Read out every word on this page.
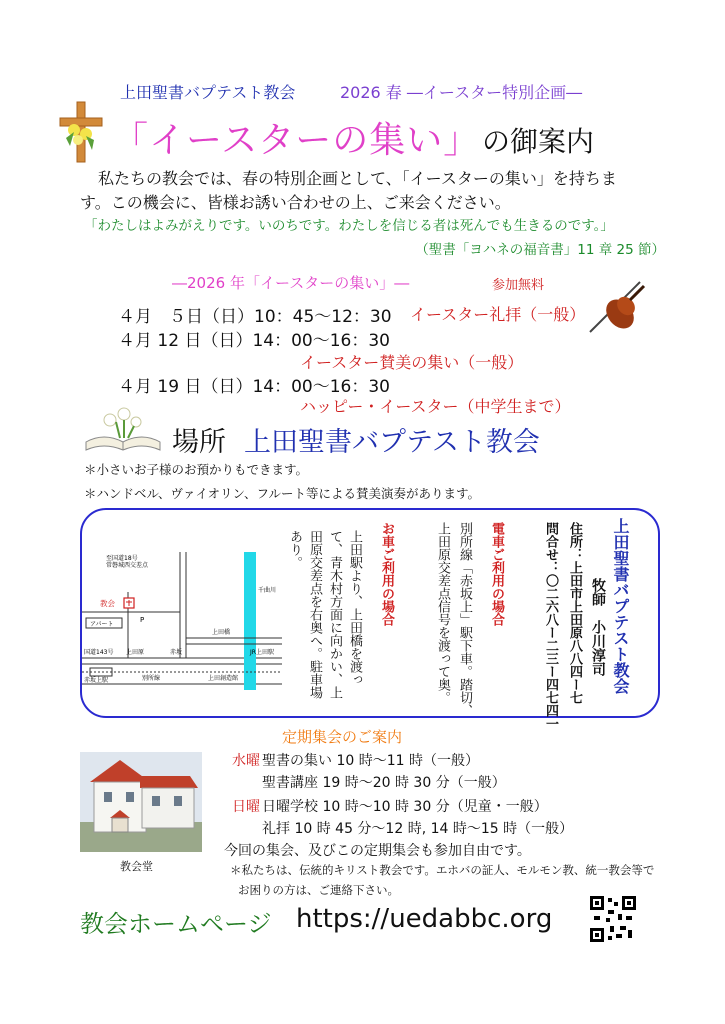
上田聖書バプテスト教会	2026 春 ―イースター特別企画―
「イースターの集い」 の御案内
私たちの教会では、春の特別企画として、「イースターの集い」を持ちま
す。この機会に、皆様お誘い合わせの上、ご来会ください。
「わたしはよみがえりです。いのちです。わたしを信じる者は死んでも生きるのです。」
（聖書「ヨハネの福音書」11 章 25 節）
―2026 年「イースターの集い」―	参加無料
４月　５日（日）10：45～12：30 イースター礼拝（一般）
４月 12 日（日）14：00～16：30
イースター賛美の集い（一般）
４月 19 日（日）14：00～16：30
ハッピー・イースター（中学生まで）
場所 上田聖書バプテスト教会
＊小さいお子様のお預かりもできます。
＊ハンドベル、ヴァイオリン、フルート等による賛美演奏があります。
上田聖書バプテスト教会
牧師　小川淳司
住所：上田市上田原八八四ー七
問合せ：〇二六八ー二三ー四七四一
電車ご利用の場合
別所線「赤坂上」駅下車。踏切、
上田原交差点信号を渡って奥。
お車ご利用の場合
上田駅より、上田橋を渡っ
て、青木村方面に向かい、上
田原交差点を右奥へ。駐車場
あり。
至国道18号
常磐城西交差点
教会
アパート
P
国道143号 上田原	赤坂
赤坂上駅	別所線
上田橋
JR上田駅
千曲川
上田創造館
定期集会のご案内
教会堂
水曜 聖書の集い 10 時～11 時（一般）
聖書講座 19 時～20 時 30 分（一般）
日曜 日曜学校 10 時～10 時 30 分（児童・一般）
礼拝 10 時 45 分～12 時, 14 時～15 時（一般）
今回の集会、及びこの定期集会も参加自由です。
＊私たちは、伝統的キリスト教会です。エホバの証人、モルモン教、統一教会等で
お困りの方は、ご連絡下さい。
教会ホームページ https://uedabbc.org
